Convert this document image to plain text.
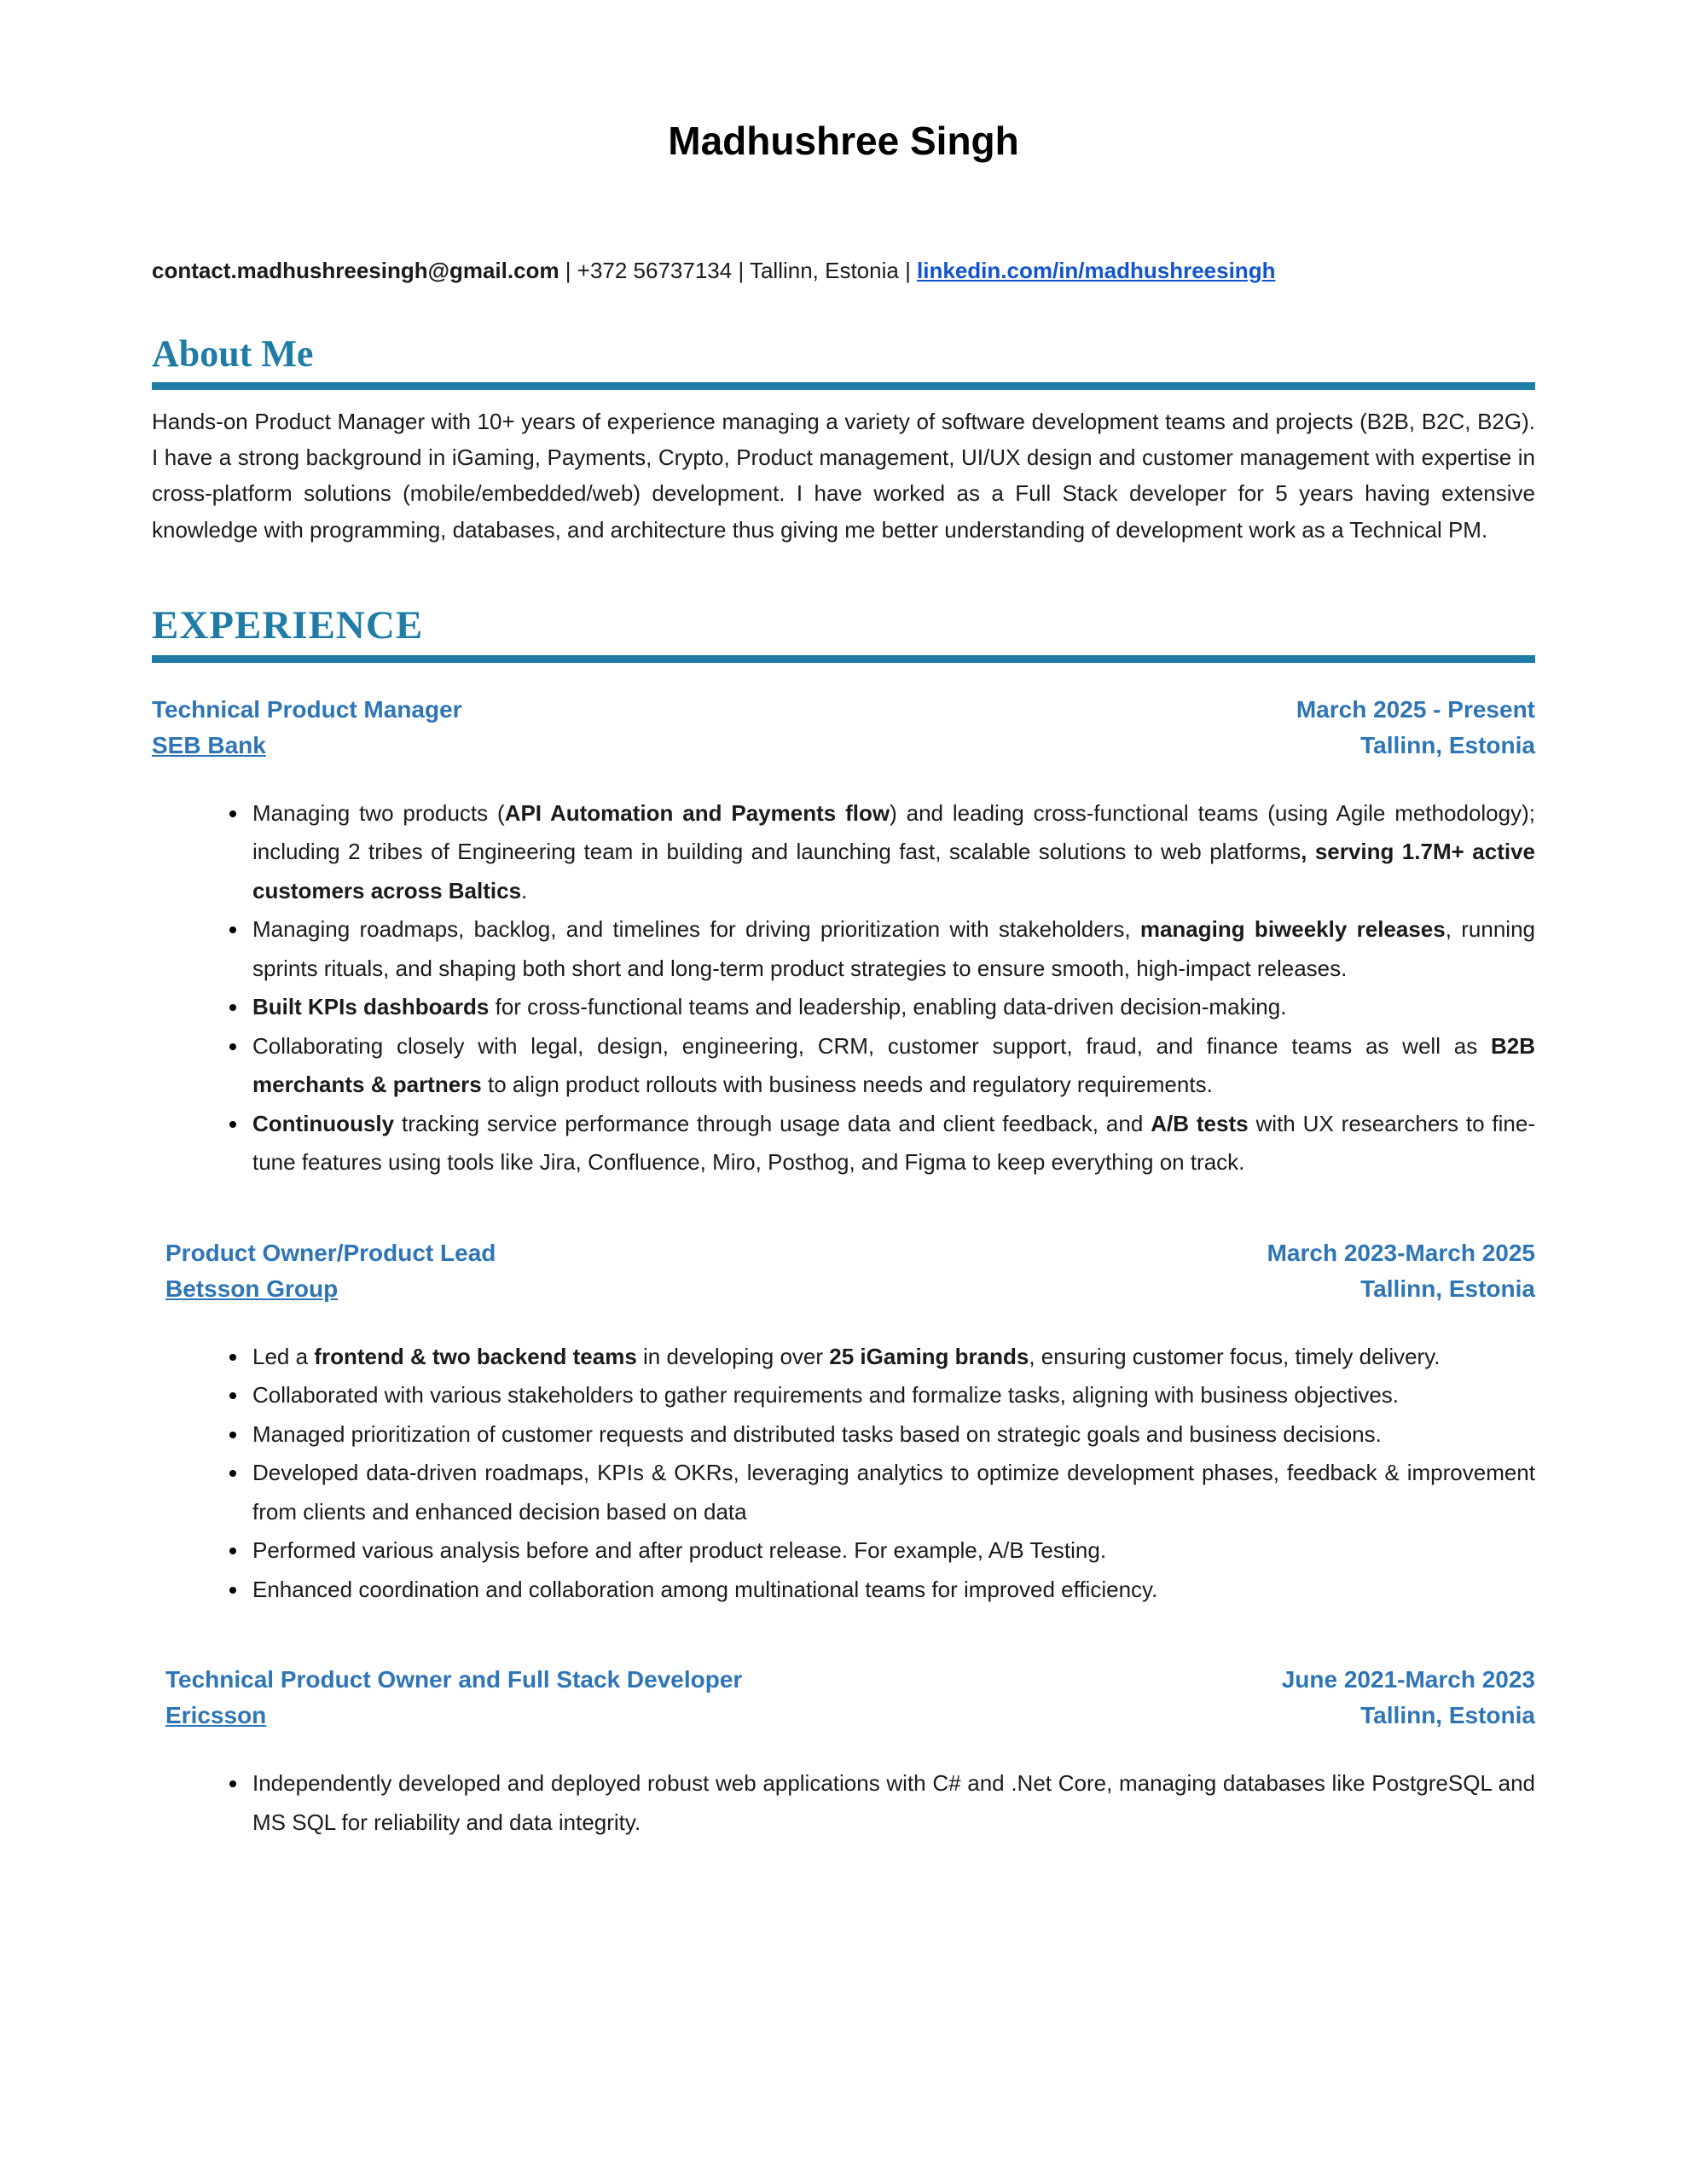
Madhushree Singh

contact.madhushreesingh@gmail.com | +372 56737134 | Tallinn, Estonia | linkedin.com/in/madhushreesingh

About Me

Hands-on Product Manager with 10+ years of experience managing a variety of software development teams and projects (B2B, B2C, B2G). I have a strong background in iGaming, Payments, Crypto, Product management, UI/UX design and customer management with expertise in cross-platform solutions (mobile/embedded/web) development. I have worked as a Full Stack developer for 5 years having extensive knowledge with programming, databases, and architecture thus giving me better understanding of development work as a Technical PM.

EXPERIENCE
Technical Product Manager	March 2025 - Present
SEB Bank	Tallinn, Estonia
• Managing two products (API Automation and Payments flow) and leading cross-functional teams (using Agile methodology); including 2 tribes of Engineering team in building and launching fast, scalable solutions to web platforms, serving 1.7M+ active customers across Baltics.
• Managing roadmaps, backlog, and timelines for driving prioritization with stakeholders, managing biweekly releases, running sprints rituals, and shaping both short and long-term product strategies to ensure smooth, high-impact releases.
• Built KPIs dashboards for cross-functional teams and leadership, enabling data-driven decision-making.
• Collaborating closely with legal, design, engineering, CRM, customer support, fraud, and finance teams as well as B2B merchants & partners to align product rollouts with business needs and regulatory requirements.
• Continuously tracking service performance through usage data and client feedback, and A/B tests with UX researchers to fine-tune features using tools like Jira, Confluence, Miro, Posthog, and Figma to keep everything on track.
Product Owner/Product Lead	March 2023-March 2025
Betsson Group	Tallinn, Estonia
• Led a frontend & two backend teams in developing over 25 iGaming brands, ensuring customer focus, timely delivery.
• Collaborated with various stakeholders to gather requirements and formalize tasks, aligning with business objectives.
• Managed prioritization of customer requests and distributed tasks based on strategic goals and business decisions.
• Developed data-driven roadmaps, KPIs & OKRs, leveraging analytics to optimize development phases, feedback & improvement from clients and enhanced decision based on data
• Performed various analysis before and after product release. For example, A/B Testing.
• Enhanced coordination and collaboration among multinational teams for improved efficiency.
Technical Product Owner and Full Stack Developer	June 2021-March 2023
Ericsson	Tallinn, Estonia
• Independently developed and deployed robust web applications with C# and .Net Core, managing databases like PostgreSQL and MS SQL for reliability and data integrity.
